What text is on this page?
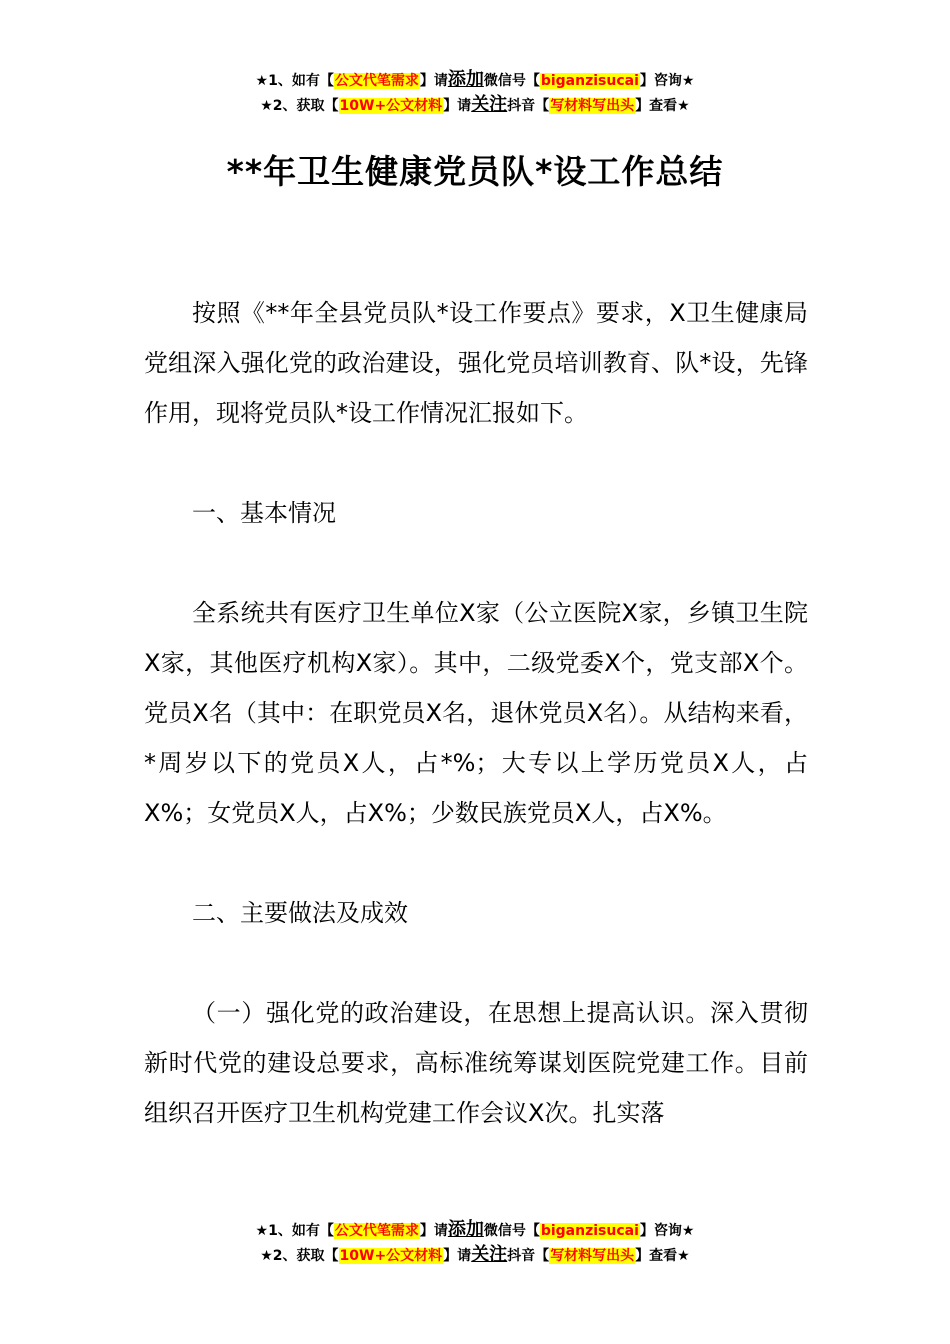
★1、如有【公文代笔需求】请添加微信号【biganzisucai】咨询★
★2、获取【10W+公文材料】请关注抖音【写材料写出头】查看★
**年卫生健康党员队*设工作总结

按照《**年全县党员队*设工作要点》要求，X卫生健康局党组深入强化党的政治建设，强化党员培训教育、队*设，先锋作用，现将党员队*设工作情况汇报如下。

一、基本情况

全系统共有医疗卫生单位X家（公立医院X家，乡镇卫生院X家，其他医疗机构X家）。其中，二级党委X个，党支部X个。党员X名（其中：在职党员X名，退休党员X名）。从结构来看，*周岁以下的党员X人，占*%；大专以上学历党员X人，占X%；女党员X人，占X%；少数民族党员X人，占X%。

二、主要做法及成效

（一）强化党的政治建设，在思想上提高认识。深入贯彻新时代党的建设总要求，高标准统筹谋划医院党建工作。目前组织召开医疗卫生机构党建工作会议X次。扎实落

★1、如有【公文代笔需求】请添加微信号【biganzisucai】咨询★
★2、获取【10W+公文材料】请关注抖音【写材料写出头】查看★
